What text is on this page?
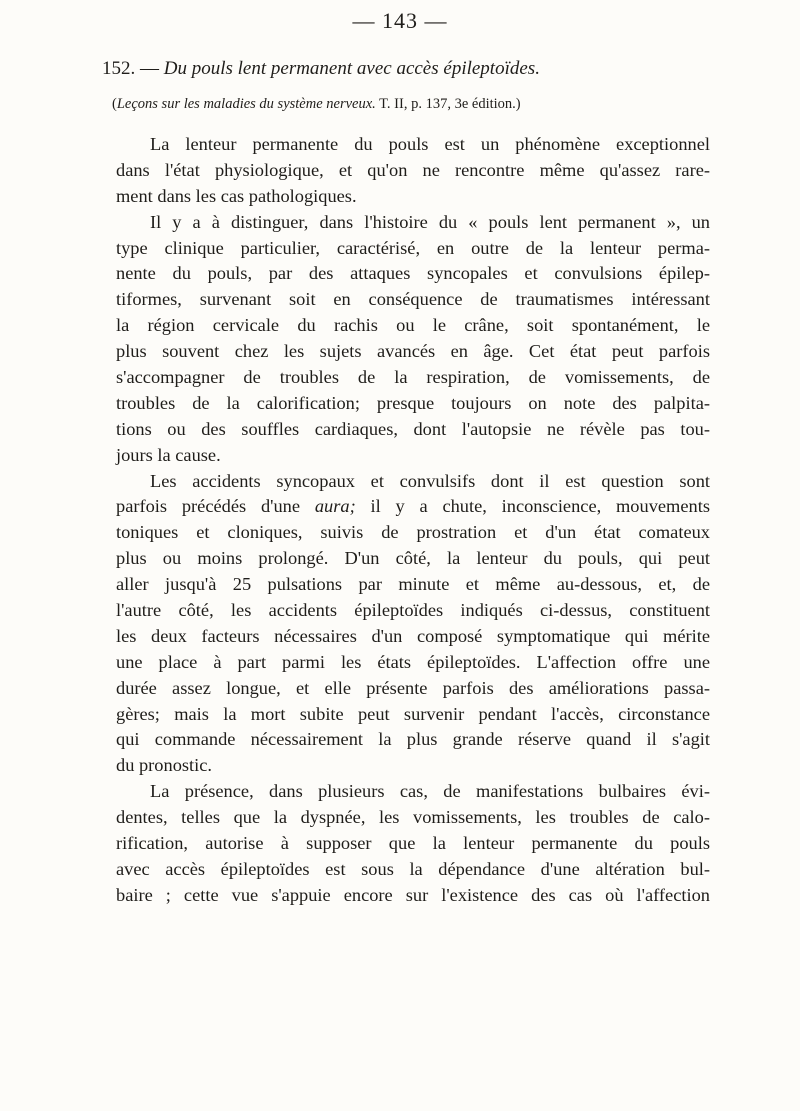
— 143 —
152. — Du pouls lent permanent avec accès épileptoïdes.
(Leçons sur les maladies du système nerveux. T. II, p. 137, 3e édition.)
La lenteur permanente du pouls est un phénomène exceptionnel
dans l'état physiologique, et qu'on ne rencontre même qu'assez rare-
ment dans les cas pathologiques.
Il y a à distinguer, dans l'histoire du « pouls lent permanent », un
type clinique particulier, caractérisé, en outre de la lenteur perma-
nente du pouls, par des attaques syncopales et convulsions épilep-
tiformes, survenant soit en conséquence de traumatismes intéressant
la région cervicale du rachis ou le crâne, soit spontanément, le
plus souvent chez les sujets avancés en âge. Cet état peut parfois
s'accompagner de troubles de la respiration, de vomissements, de
troubles de la calorification; presque toujours on note des palpita-
tions ou des souffles cardiaques, dont l'autopsie ne révèle pas tou-
jours la cause.
Les accidents syncopaux et convulsifs dont il est question sont
parfois précédés d'une aura; il y a chute, inconscience, mouvements
toniques et cloniques, suivis de prostration et d'un état comateux
plus ou moins prolongé. D'un côté, la lenteur du pouls, qui peut
aller jusqu'à 25 pulsations par minute et même au-dessous, et, de
l'autre côté, les accidents épileptoïdes indiqués ci-dessus, constituent
les deux facteurs nécessaires d'un composé symptomatique qui mérite
une place à part parmi les états épileptoïdes. L'affection offre une
durée assez longue, et elle présente parfois des améliorations passa-
gères; mais la mort subite peut survenir pendant l'accès, circonstance
qui commande nécessairement la plus grande réserve quand il s'agit
du pronostic.
La présence, dans plusieurs cas, de manifestations bulbaires évi-
dentes, telles que la dyspnée, les vomissements, les troubles de calo-
rification, autorise à supposer que la lenteur permanente du pouls
avec accès épileptoïdes est sous la dépendance d'une altération bul-
baire ; cette vue s'appuie encore sur l'existence des cas où l'affection
